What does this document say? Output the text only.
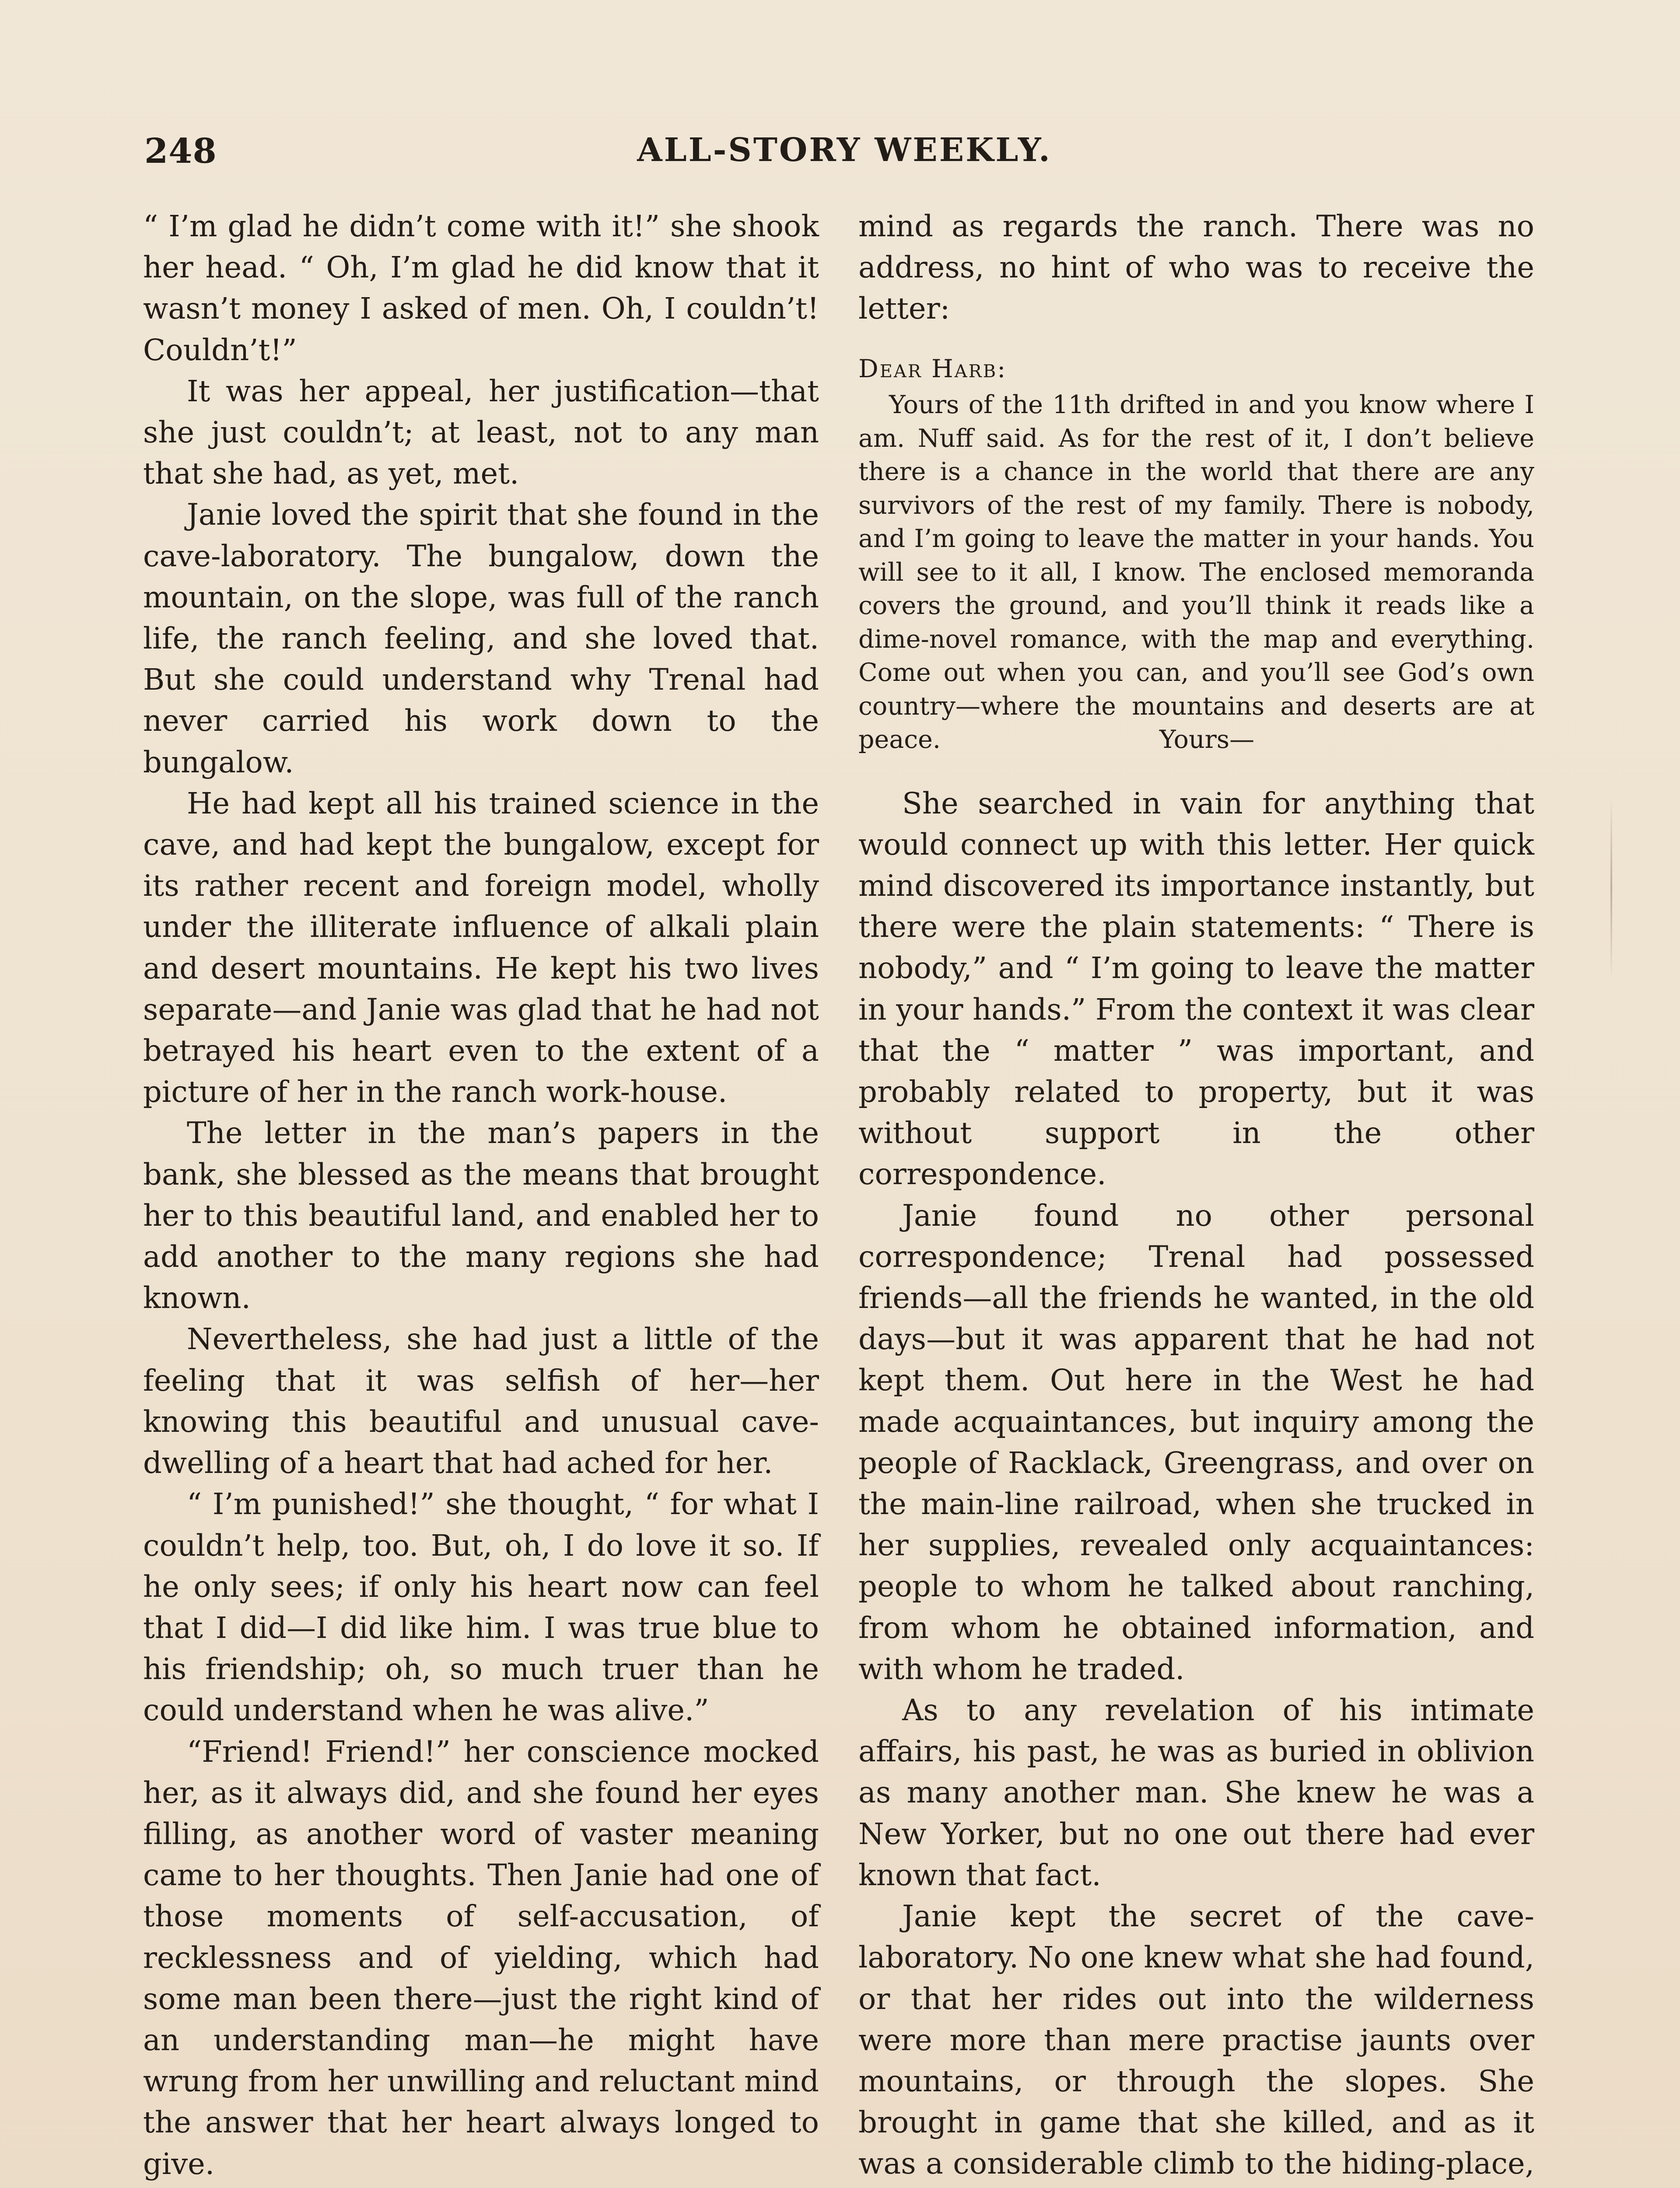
248	ALL-STORY WEEKLY.

“ I’m glad he didn’t come with it!” she shook her head. “ Oh, I’m glad he did know that it wasn’t money I asked of men. Oh, I couldn’t! Couldn’t!”

It was her appeal, her justification—that she just couldn’t; at least, not to any man that she had, as yet, met.

Janie loved the spirit that she found in the cave-laboratory. The bungalow, down the mountain, on the slope, was full of the ranch life, the ranch feeling, and she loved that. But she could understand why Trenal had never carried his work down to the bungalow.

He had kept all his trained science in the cave, and had kept the bungalow, except for its rather recent and foreign model, wholly under the illiterate influence of alkali plain and desert mountains. He kept his two lives separate—and Janie was glad that he had not betrayed his heart even to the extent of a picture of her in the ranch work-house.

The letter in the man’s papers in the bank, she blessed as the means that brought her to this beautiful land, and enabled her to add another to the many regions she had known.

Nevertheless, she had just a little of the feeling that it was selfish of her—her knowing this beautiful and unusual cave-dwelling of a heart that had ached for her.

“ I’m punished!” she thought, “ for what I couldn’t help, too. But, oh, I do love it so. If he only sees; if only his heart now can feel that I did—I did like him. I was true blue to his friendship; oh, so much truer than he could understand when he was alive.”

“Friend! Friend!” her conscience mocked her, as it always did, and she found her eyes filling, as another word of vaster meaning came to her thoughts. Then Janie had one of those moments of self-accusation, of recklessness and of yielding, which had some man been there—just the right kind of an understanding man—he might have wrung from her unwilling and reluctant mind the answer that her heart always longed to give.

mind as regards the ranch. There was no address, no hint of who was to receive the letter:

Dear Harb:
Yours of the 11th drifted in and you know where I am. Nuff said. As for the rest of it, I don’t believe there is a chance in the world that there are any survivors of the rest of my family. There is nobody, and I’m going to leave the matter in your hands. You will see to it all, I know. The enclosed memoranda covers the ground, and you’ll think it reads like a dime-novel romance, with the map and everything. Come out when you can, and you’ll see God’s own country—where the mountains and deserts are at peace.	Yours—

She searched in vain for anything that would connect up with this letter. Her quick mind discovered its importance instantly, but there were the plain statements: “ There is nobody,” and “ I’m going to leave the matter in your hands.” From the context it was clear that the “ matter ” was important, and probably related to property, but it was without support in the other correspondence.

Janie found no other personal correspondence; Trenal had possessed friends—all the friends he wanted, in the old days—but it was apparent that he had not kept them. Out here in the West he had made acquaintances, but inquiry among the people of Racklack, Greengrass, and over on the main-line railroad, when she trucked in her supplies, revealed only acquaintances: people to whom he talked about ranching, from whom he obtained information, and with whom he traded.

As to any revelation of his intimate affairs, his past, he was as buried in oblivion as many another man. She knew he was a New Yorker, but no one out there had ever known that fact.

Janie kept the secret of the cave-laboratory. No one knew what she had found, or that her rides out into the wilderness were more than mere practise jaunts over mountains, or through the slopes. She brought in game that she killed, and as it was a considerable climb to the hiding-place,
